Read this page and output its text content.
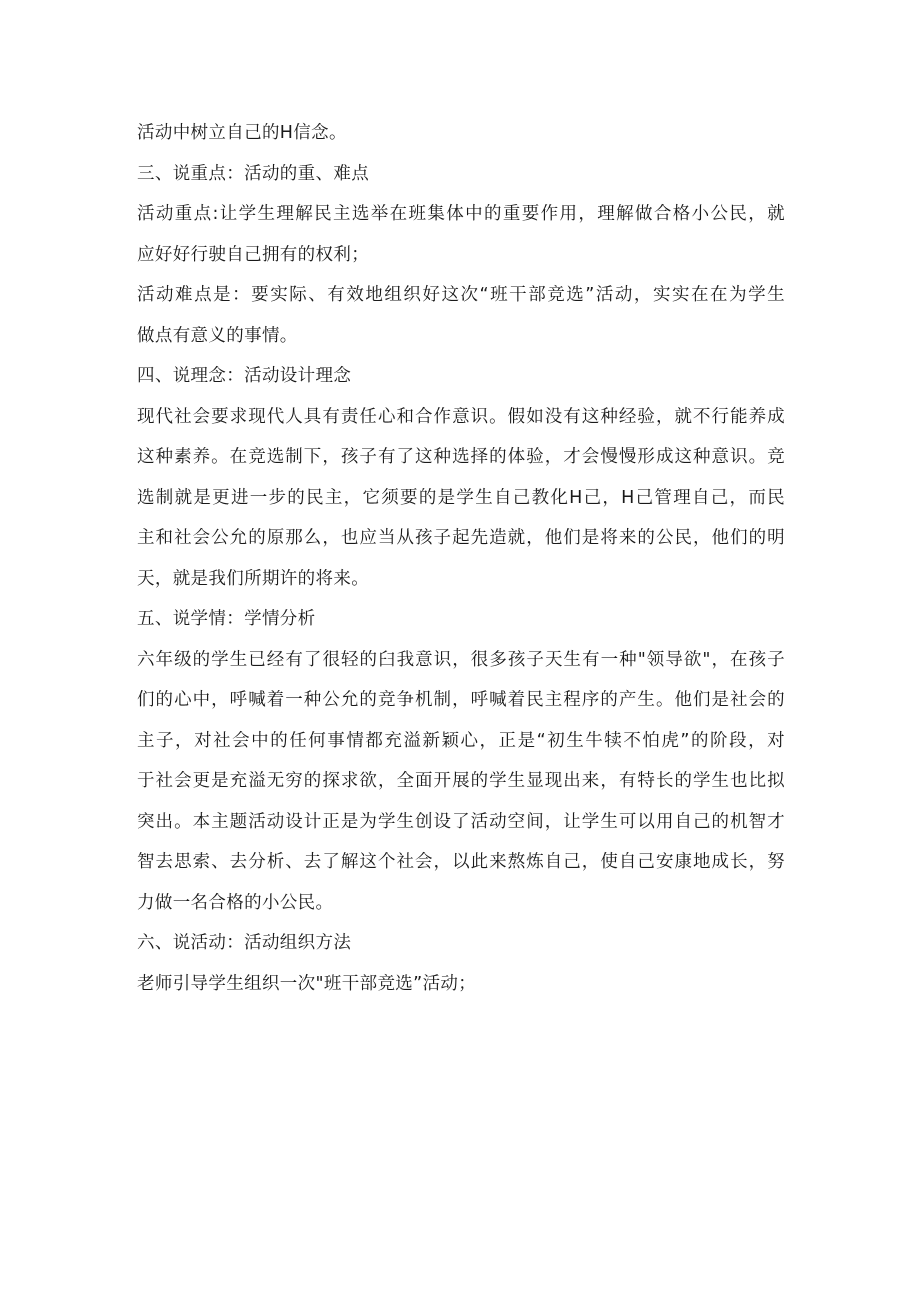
活动中树立自己的H信念。
三、说重点：活动的重、难点
活动重点:让学生理解民主选举在班集体中的重要作用，理解做合格小公民，就
应好好行驶自己拥有的权利；
活动难点是：要实际、有效地组织好这次“班干部竞选”活动，实实在在为学生
做点有意义的事情。
四、说理念：活动设计理念
现代社会要求现代人具有责任心和合作意识。假如没有这种经验，就不行能养成
这种素养。在竞选制下，孩子有了这种选择的体验，才会慢慢形成这种意识。竞
选制就是更进一步的民主，它须要的是学生自己教化H己，H己管理自己，而民
主和社会公允的原那么，也应当从孩子起先造就，他们是将来的公民，他们的明
天，就是我们所期许的将来。
五、说学情：学情分析
六年级的学生已经有了很轻的臼我意识，很多孩子天生有一种"领导欲"，在孩子
们的心中，呼喊着一种公允的竞争机制，呼喊着民主程序的产生。他们是社会的
主子，对社会中的任何事情都充溢新颖心，正是“初生牛犊不怕虎”的阶段，对
于社会更是充溢无穷的探求欲，全面开展的学生显现出来，有特长的学生也比拟
突出。本主题活动设计正是为学生创设了活动空间，让学生可以用自己的机智才
智去思索、去分析、去了解这个社会，以此来熬炼自己，使自己安康地成长，努
力做一名合格的小公民。
六、说活动：活动组织方法
老师引导学生组织一次"班干部竞选”活动；
